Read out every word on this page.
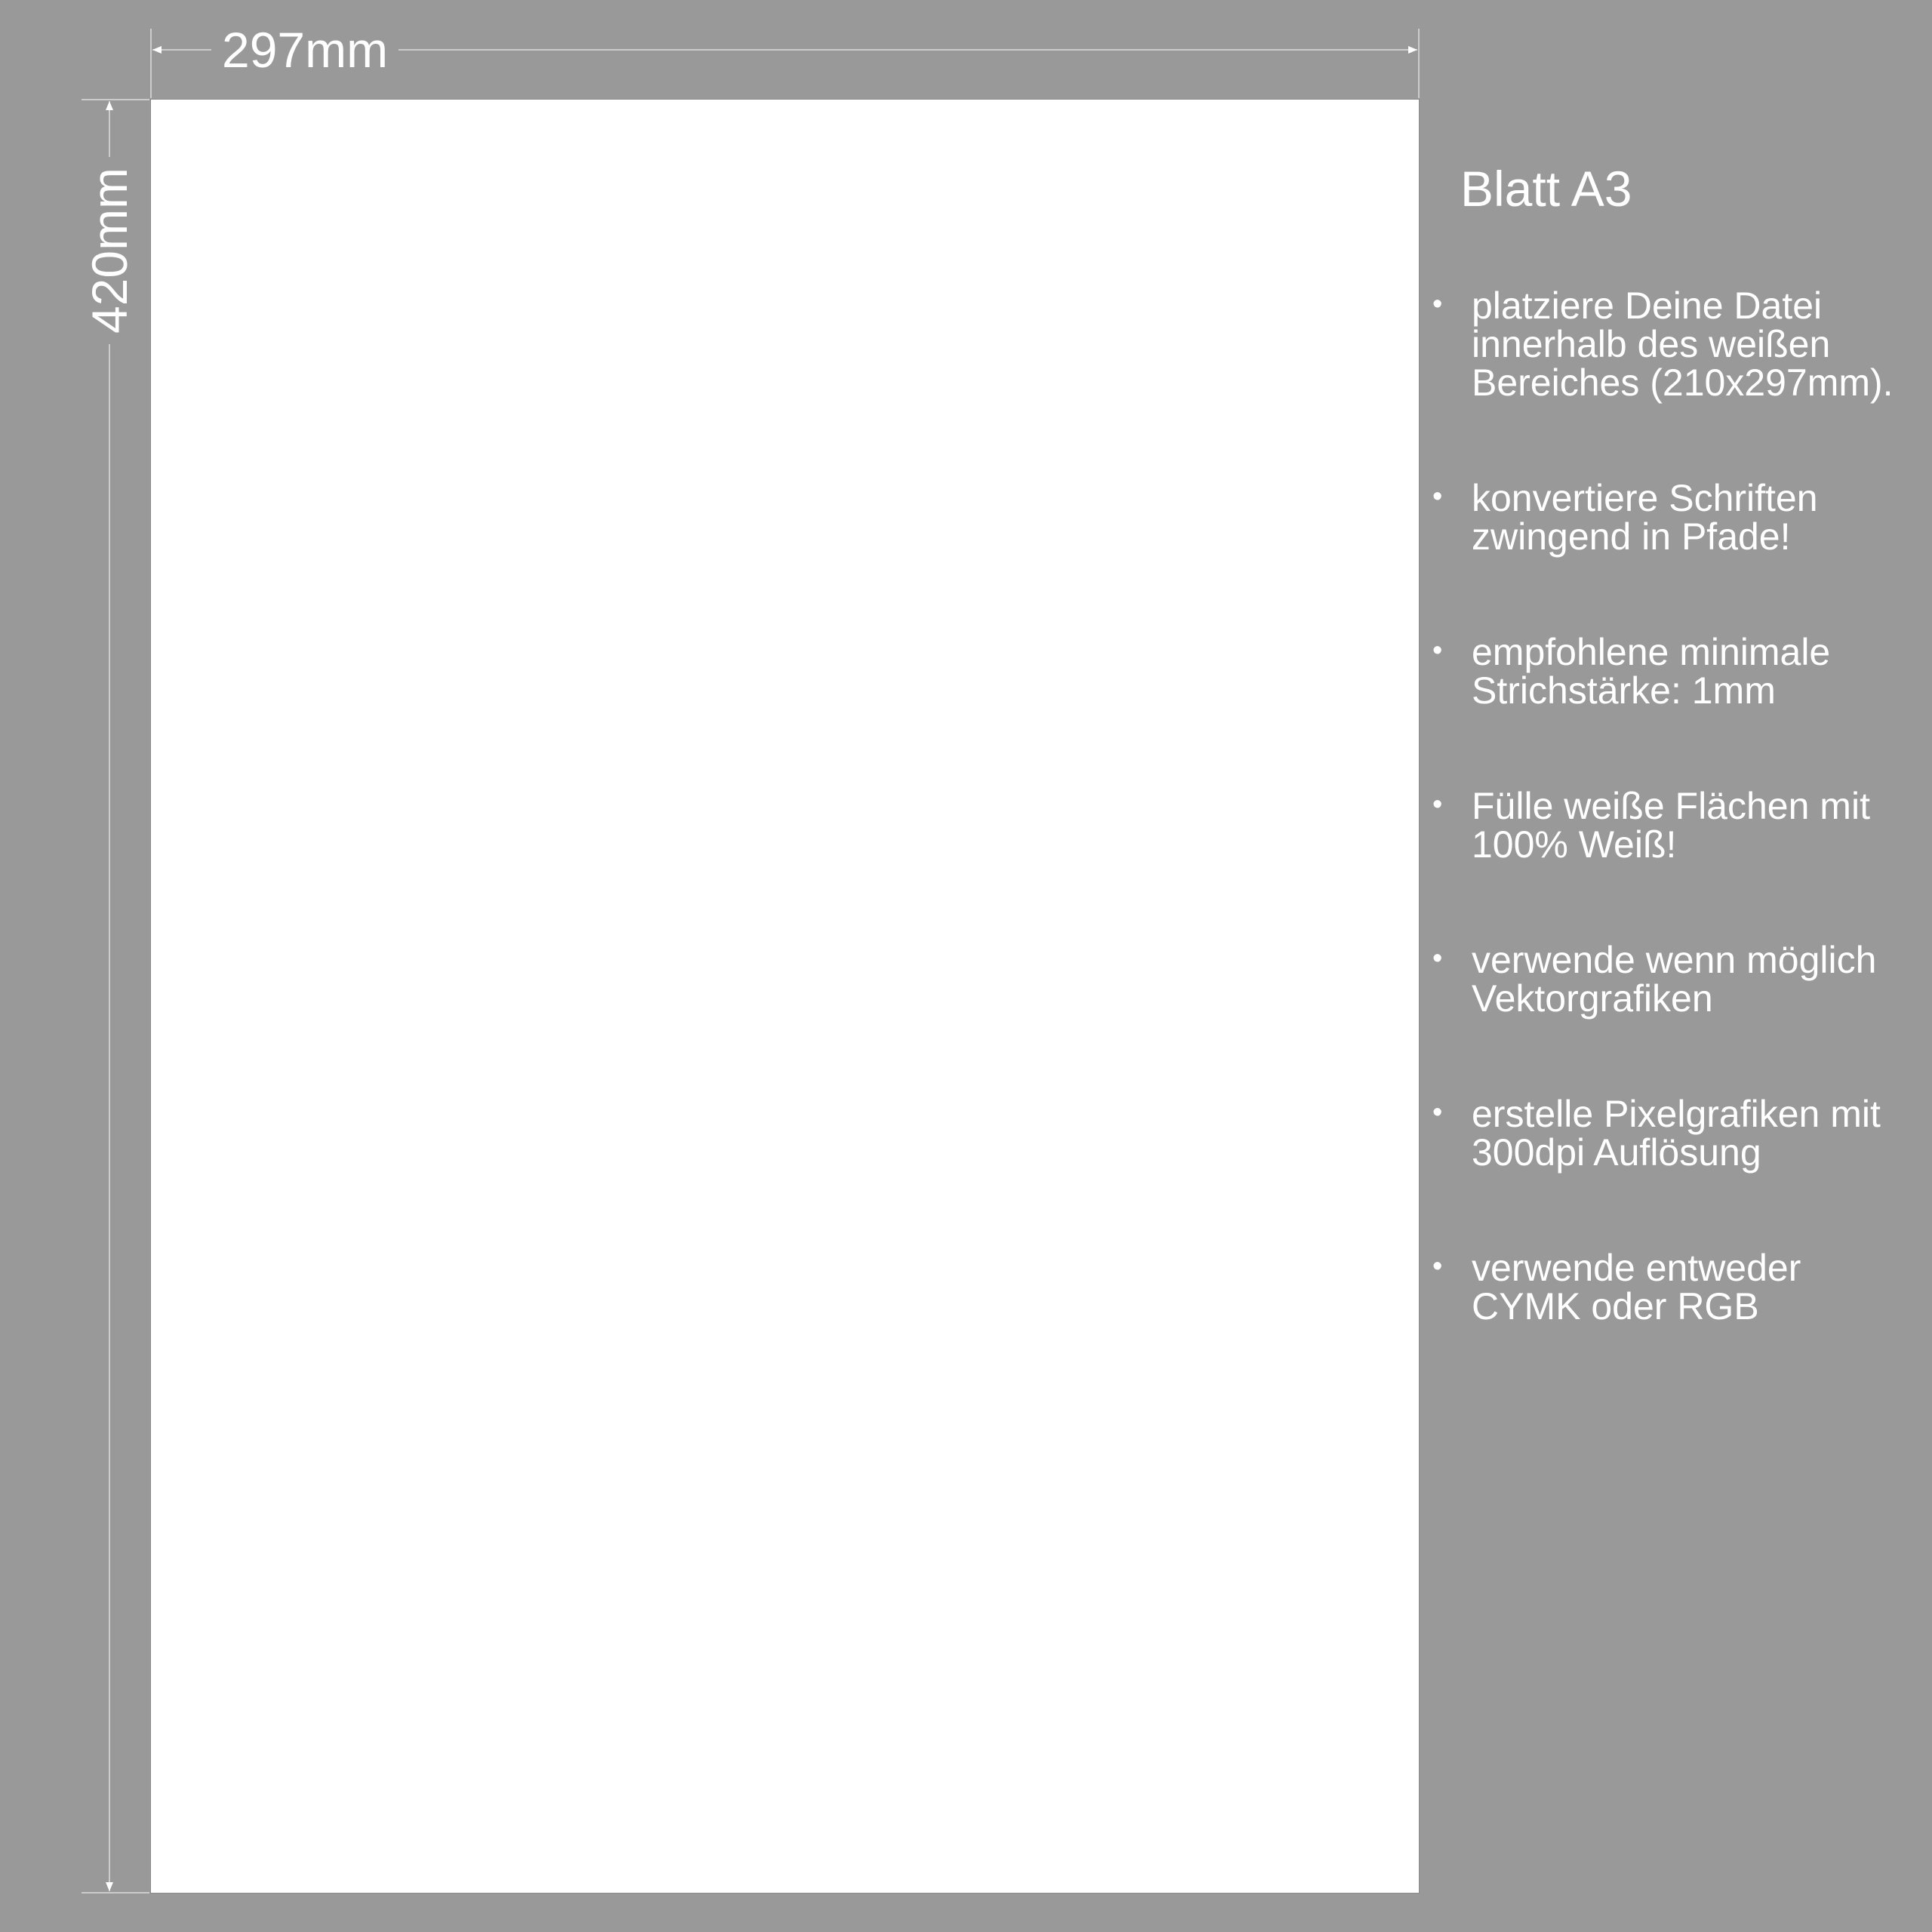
297mm
420mm	Blatt A3
• platziere Deine Datei
innerhalb des weißen
Bereiches (210x297mm).
• konvertiere Schriften
zwingend in Pfade!
• empfohlene minimale
Strichstärke: 1mm
• Fülle weiße Flächen mit
100% Weiß!
• verwende wenn möglich
Vektorgrafiken
• erstelle Pixelgrafiken mit
300dpi Auflösung
• verwende entweder
CYMK oder RGB
